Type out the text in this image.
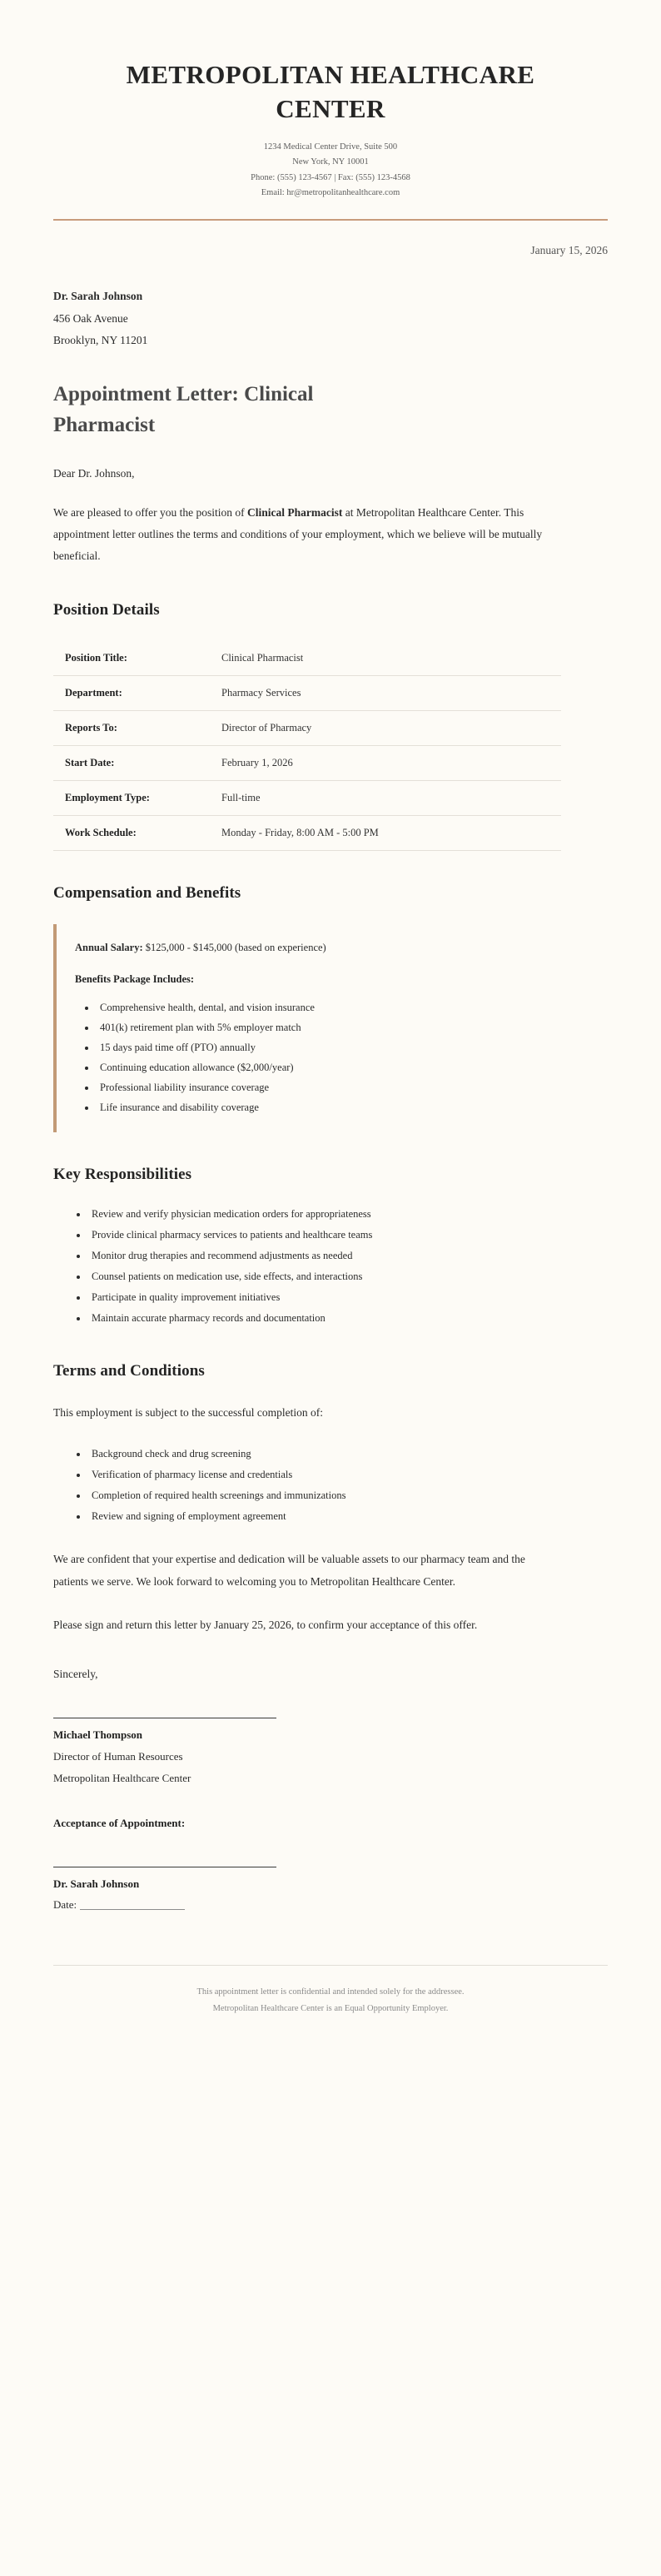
METROPOLITAN HEALTHCARE CENTER
1234 Medical Center Drive, Suite 500
New York, NY 10001
Phone: (555) 123-4567 | Fax: (555) 123-4568
Email: hr@metropolitanhealthcare.com
January 15, 2026
Dr. Sarah Johnson
456 Oak Avenue
Brooklyn, NY 11201
Appointment Letter: Clinical Pharmacist
Dear Dr. Johnson,

We are pleased to offer you the position of Clinical Pharmacist at Metropolitan Healthcare Center. This appointment letter outlines the terms and conditions of your employment, which we believe will be mutually beneficial.

Position Details
Position Title:	Clinical Pharmacist
Department:	Pharmacy Services
Reports To:	Director of Pharmacy
Start Date:	February 1, 2026
Employment Type:	Full-time
Work Schedule:	Monday - Friday, 8:00 AM - 5:00 PM
Compensation and Benefits

Annual Salary: $125,000 - $145,000 (based on experience)

Benefits Package Includes:

• Comprehensive health, dental, and vision insurance
• 401(k) retirement plan with 5% employer match
• 15 days paid time off (PTO) annually
• Continuing education allowance ($2,000/year)
• Professional liability insurance coverage
• Life insurance and disability coverage
Key Responsibilities
• Review and verify physician medication orders for appropriateness
• Provide clinical pharmacy services to patients and healthcare teams
• Monitor drug therapies and recommend adjustments as needed
• Counsel patients on medication use, side effects, and interactions
• Participate in quality improvement initiatives
• Maintain accurate pharmacy records and documentation
Terms and Conditions

This employment is subject to the successful completion of:

• Background check and drug screening
• Verification of pharmacy license and credentials
• Completion of required health screenings and immunizations
• Review and signing of employment agreement

We are confident that your expertise and dedication will be valuable assets to our pharmacy team and the patients we serve. We look forward to welcoming you to Metropolitan Healthcare Center.

Please sign and return this letter by January 25, 2026, to confirm your acceptance of this offer.

Sincerely,
Michael Thompson
Director of Human Resources
Metropolitan Healthcare Center
Acceptance of Appointment:
Dr. Sarah Johnson
Date:
This appointment letter is confidential and intended solely for the addressee.
Metropolitan Healthcare Center is an Equal Opportunity Employer.
